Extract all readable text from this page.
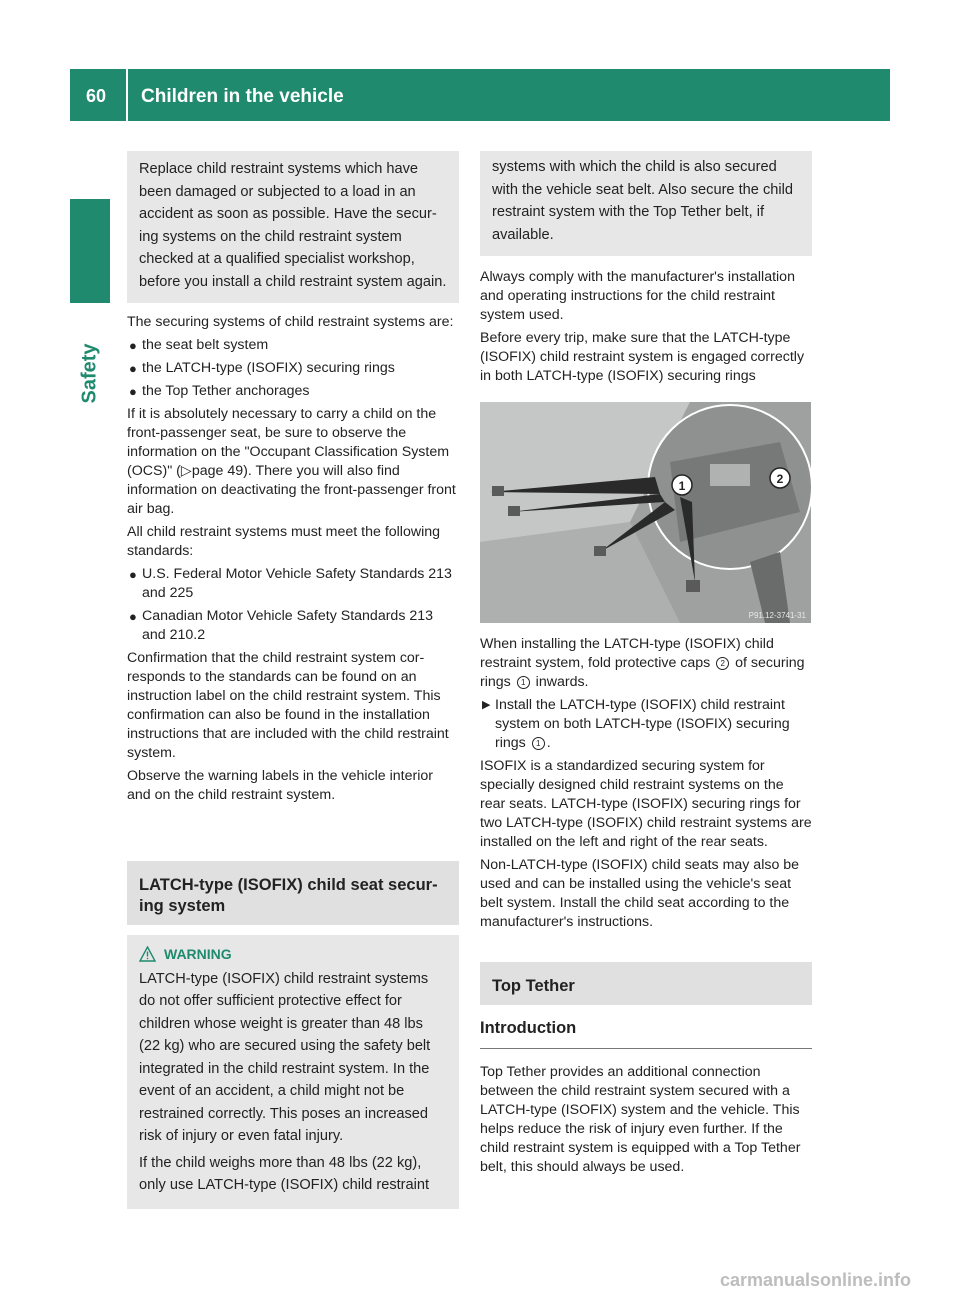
60 Children in the vehicle
Safety

Replace child restraint systems which have been damaged or subjected to a load in an accident as soon as possible. Have the securing systems on the child restraint system checked at a qualified specialist workshop, before you install a child restraint system again.

The securing systems of child restraint systems are:

● the seat belt system
● the LATCH-type (ISOFIX) securing rings
● the Top Tether anchorages

If it is absolutely necessary to carry a child on the front-passenger seat, be sure to observe the information on the "Occupant Classification System (OCS)" (▷page 49). There you will also find information on deactivating the front-passenger front air bag.

All child restraint systems must meet the following standards:

● U.S. Federal Motor Vehicle Safety Standards 213 and 225
● Canadian Motor Vehicle Safety Standards 213 and 210.2

Confirmation that the child restraint system corresponds to the standards can be found on an instruction label on the child restraint system. This confirmation can also be found in the installation instructions that are included with the child restraint system.

Observe the warning labels in the vehicle interior and on the child restraint system.

LATCH-type (ISOFIX) child seat securing system
WARNING

LATCH-type (ISOFIX) child restraint systems do not offer sufficient protective effect for children whose weight is greater than 48 lbs (22 kg) who are secured using the safety belt integrated in the child restraint system. In the event of an accident, a child might not be restrained correctly. This poses an increased risk of injury or even fatal injury.

If the child weighs more than 48 lbs (22 kg), only use LATCH-type (ISOFIX) child restraint

systems with which the child is also secured with the vehicle seat belt. Also secure the child restraint system with the Top Tether belt, if available.

Always comply with the manufacturer's installation and operating instructions for the child restraint system used.

Before every trip, make sure that the LATCH-type (ISOFIX) child restraint system is engaged correctly in both LATCH-type (ISOFIX) securing rings

1	2
P91.12-3741-31

When installing the LATCH-type (ISOFIX) child restraint system, fold protective caps 2 of securing rings 1 inwards.

▶ Install the LATCH-type (ISOFIX) child restraint system on both LATCH-type (ISOFIX) securing rings 1 .

ISOFIX is a standardized securing system for specially designed child restraint systems on the rear seats. LATCH-type (ISOFIX) securing rings for two LATCH-type (ISOFIX) child restraint systems are installed on the left and right of the rear seats.

Non-LATCH-type (ISOFIX) child seats may also be used and can be installed using the vehicle's seat belt system. Install the child seat according to the manufacturer's instructions.

Top Tether
Introduction

Top Tether provides an additional connection between the child restraint system secured with a LATCH-type (ISOFIX) system and the vehicle. This helps reduce the risk of injury even further. If the child restraint system is equipped with a Top Tether belt, this should always be used.

carmanualsonline.info
